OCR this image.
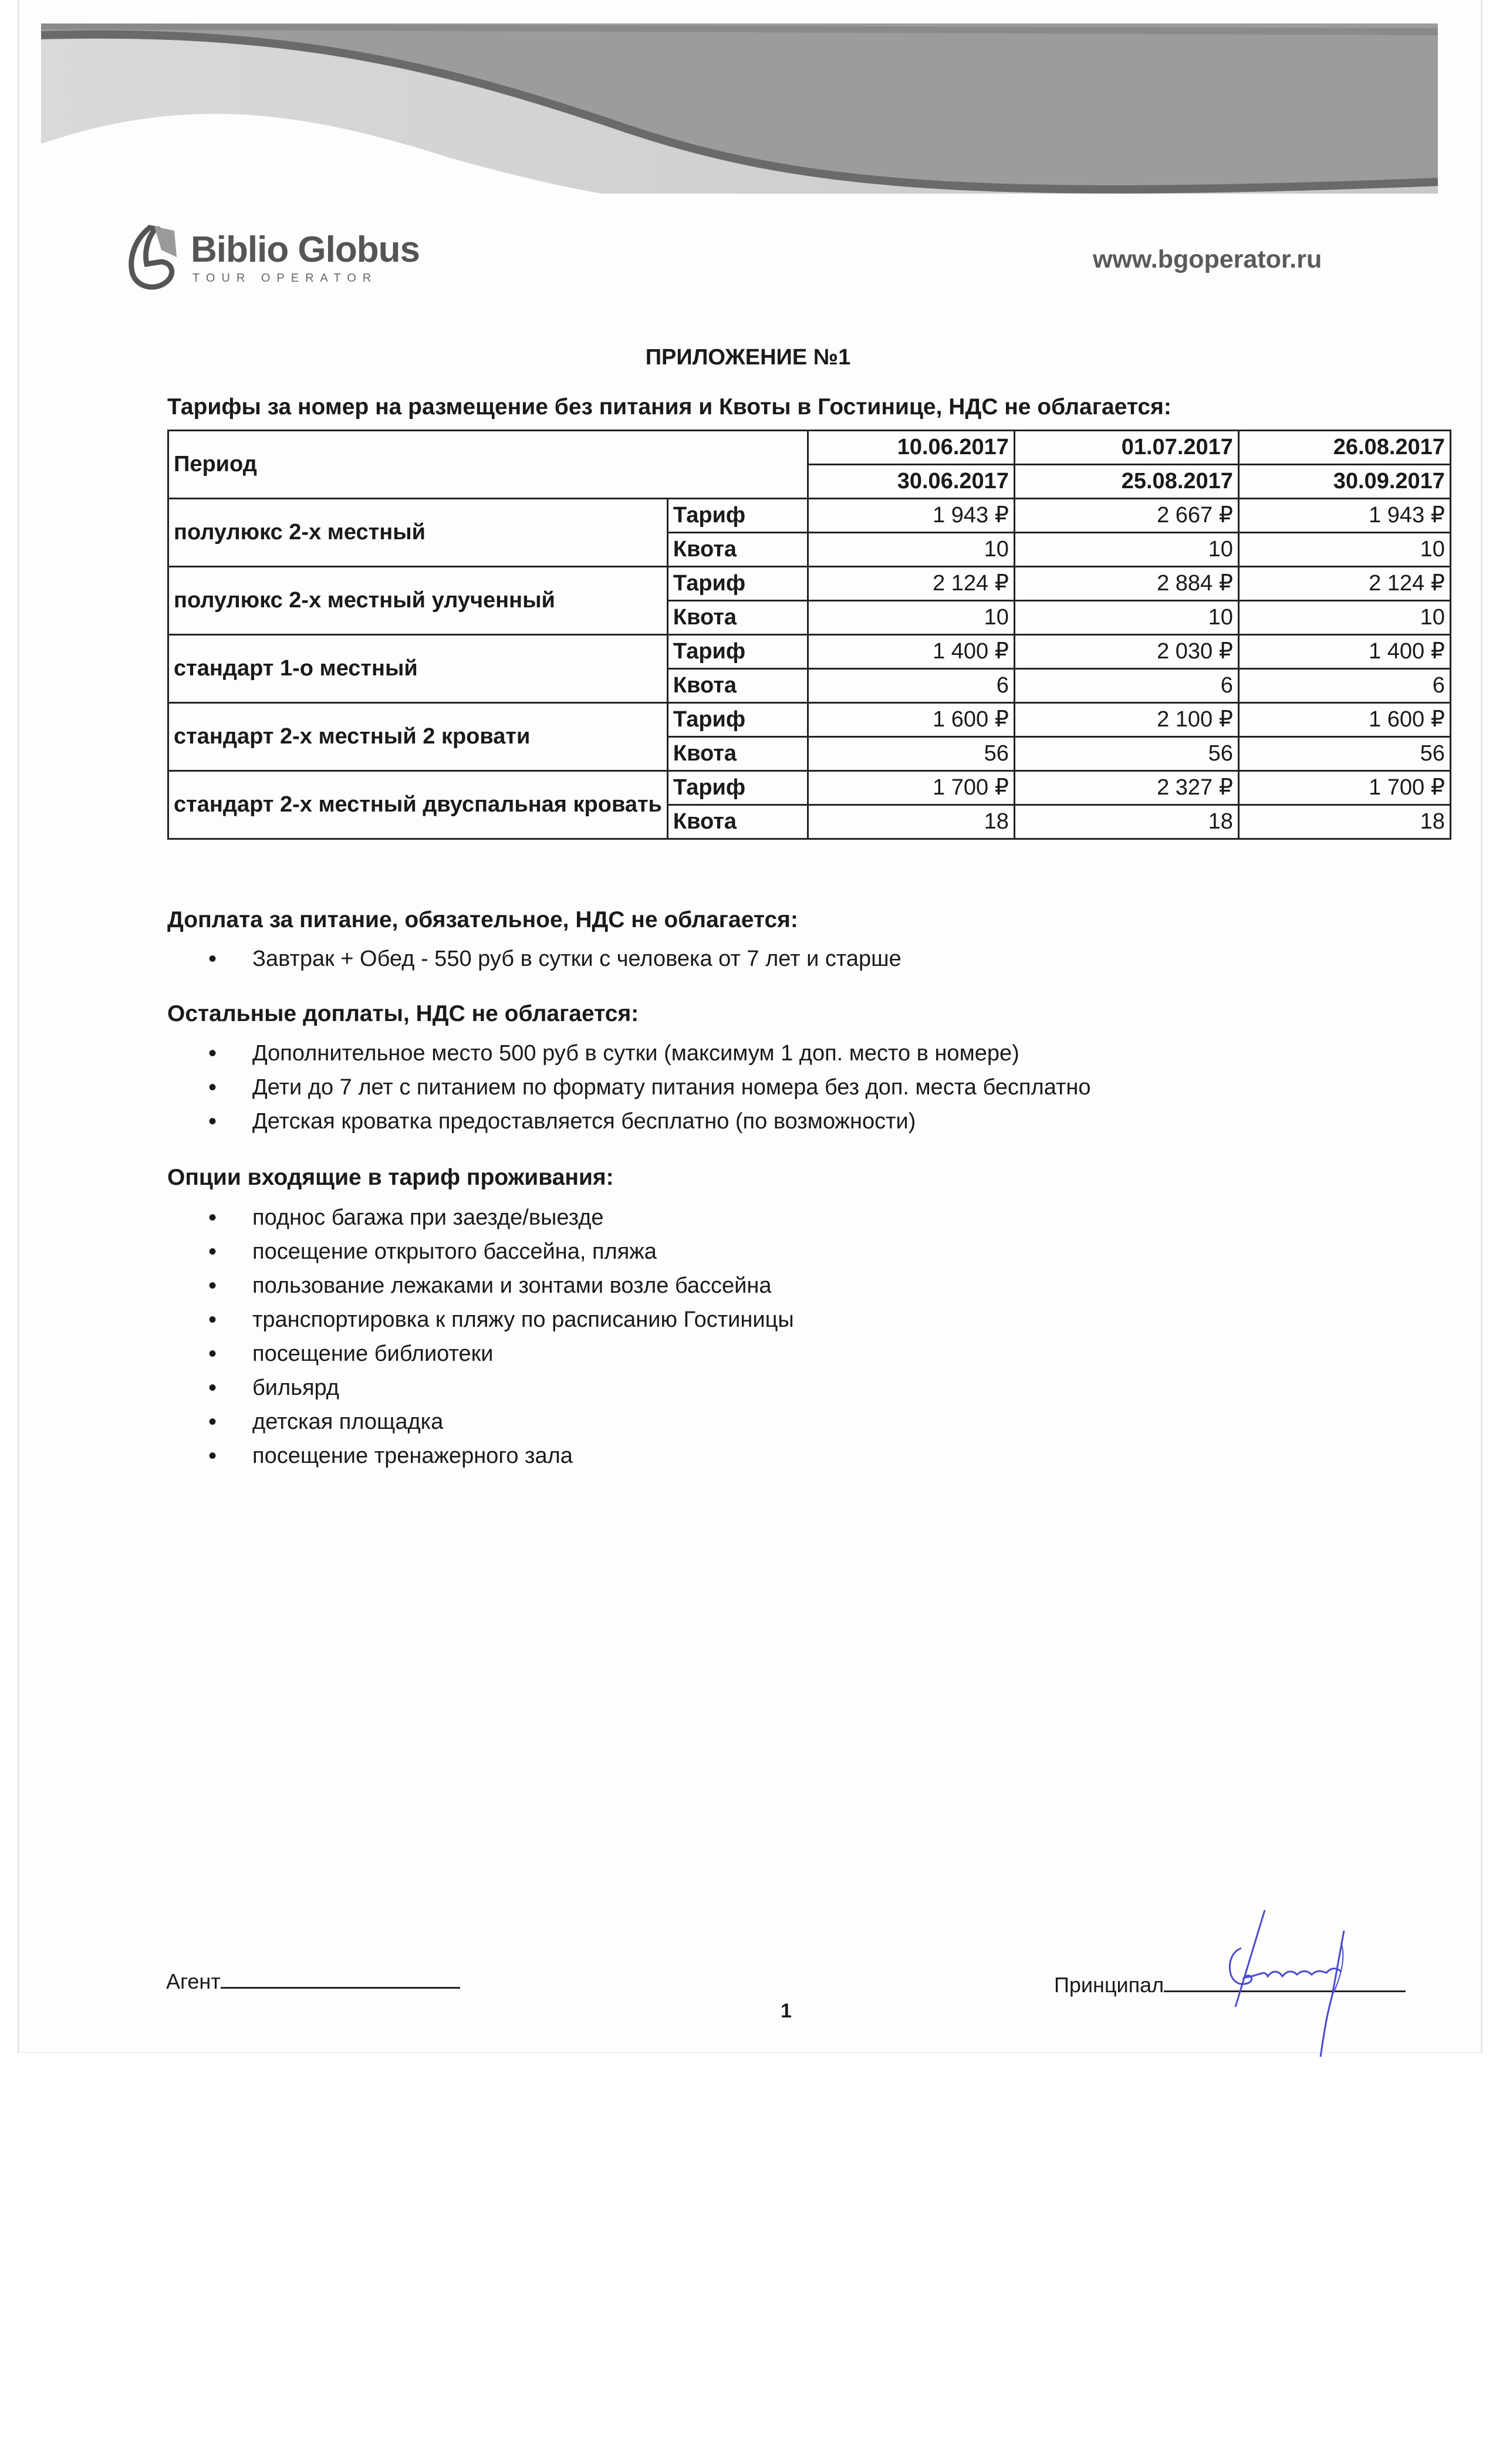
Biblio Globus
TOUR OPERATOR
www.bgoperator.ru
ПРИЛОЖЕНИЕ №1
Тарифы за номер на размещение без питания и Квоты в Гостинице, НДС не облагается:
Период		10.06.2017	01.07.2017	26.08.2017
		30.06.2017	25.08.2017	30.09.2017
полулюкс 2-х местный	Тариф	1 943 ₽	2 667 ₽	1 943 ₽
	Квота	10	10	10
полулюкс 2-х местный улученный	Тариф	2 124 ₽	2 884 ₽	2 124 ₽
	Квота	10	10	10
стандарт 1-о местный	Тариф	1 400 ₽	2 030 ₽	1 400 ₽
	Квота	6	6	6
стандарт 2-х местный 2 кровати	Тариф	1 600 ₽	2 100 ₽	1 600 ₽
	Квота	56	56	56
стандарт 2-х местный двуспальная кровать	Тариф	1 700 ₽	2 327 ₽	1 700 ₽
	Квота	18	18	18
Доплата за питание, обязательное, НДС не облагается:
• Завтрак + Обед - 550 руб в сутки с человека от 7 лет и старше
Остальные доплаты, НДС не облагается:
• Дополнительное место 500 руб в сутки (максимум 1 доп. место в номере)
• Дети до 7 лет с питанием по формату питания номера без доп. места бесплатно
• Детская кроватка предоставляется бесплатно (по возможности)
Опции входящие в тариф проживания:
• поднос багажа при заезде/выезде
• посещение открытого бассейна, пляжа
• пользование лежаками и зонтами возле бассейна
• транспортировка к пляжу по расписанию Гостиницы
• посещение библиотеки
• бильярд
• детская площадка
• посещение тренажерного зала
Агент	Принципал
1
